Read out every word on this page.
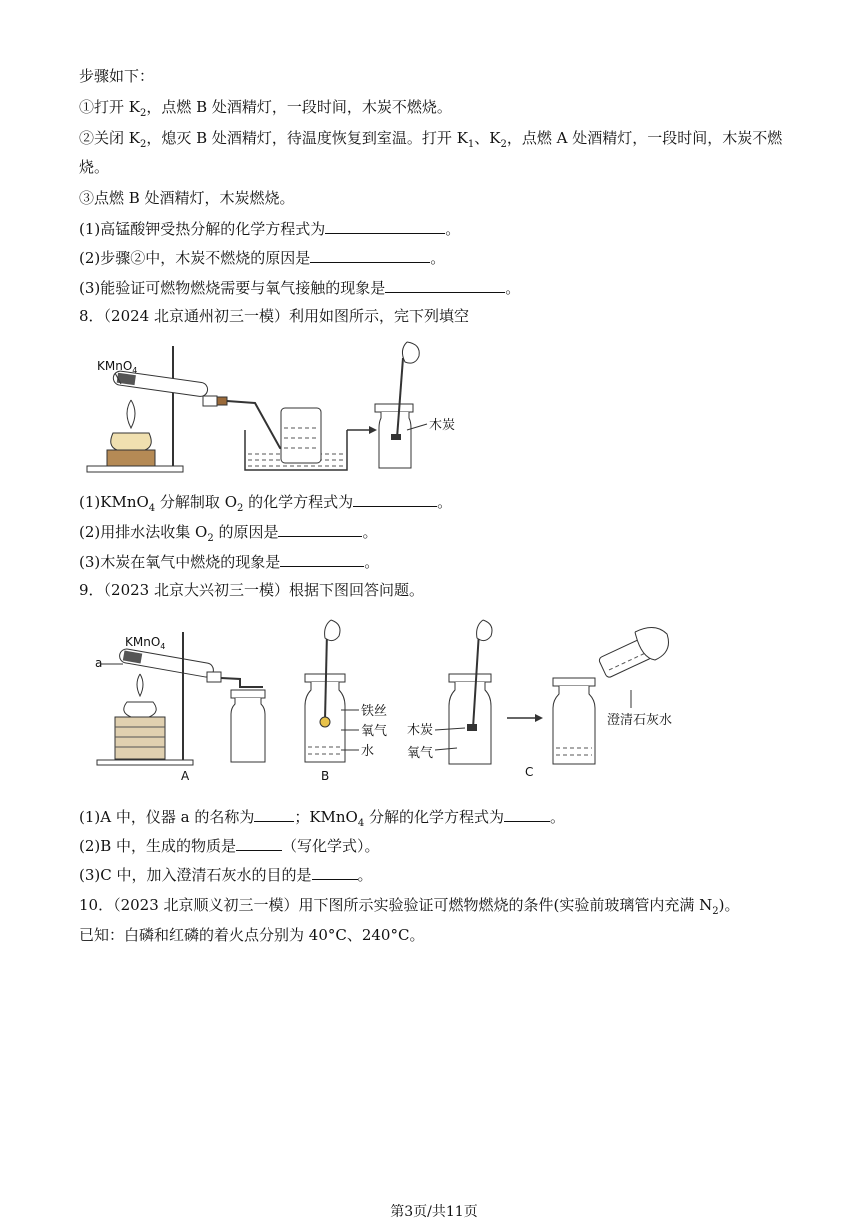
步骤如下：
①打开 $K_2$，点燃 B 处酒精灯，一段时间，木炭不燃烧。
②关闭 $K_2$，熄灭 B 处酒精灯，待温度恢复到室温。打开 $K_1$、$K_2$，点燃 A 处酒精灯，一段时间，木炭不燃
烧。
③点燃 B 处酒精灯，木炭燃烧。
(1)高锰酸钾受热分解的化学方程式为	。
(2)步骤②中，木炭不燃烧的原因是	。
(3)能验证可燃物燃烧需要与氧气接触的现象是	。
8．（2024 北京通州初三一模）利用如图所示，完下列填空
KMnO$_4$
木炭
(1)KMnO$_4$ 分解制取 $O_2$ 的化学方程式为	。
(2)用排水法收集 $O_2$ 的原因是	。
(3)木炭在氧气中燃烧的现象是	。
9．（2023 北京大兴初三一模）根据下图回答问题。
a
KMnO$_4$
A
铁丝
氧气
水
B
木炭
氧气
澄清石灰水
C
(1)A 中，仪器 a 的名称为	；KMnO$_4$ 分解的化学方程式为	。
(2)B 中，生成的物质是	（写化学式）。
(3)C 中，加入澄清石灰水的目的是	。
10．（2023 北京顺义初三一模）用下图所示实验验证可燃物燃烧的条件(实验前玻璃管内充满 $N_2$)。
已知：白磷和红磷的着火点分别为 40°C、240°C。
第3页/共11页
